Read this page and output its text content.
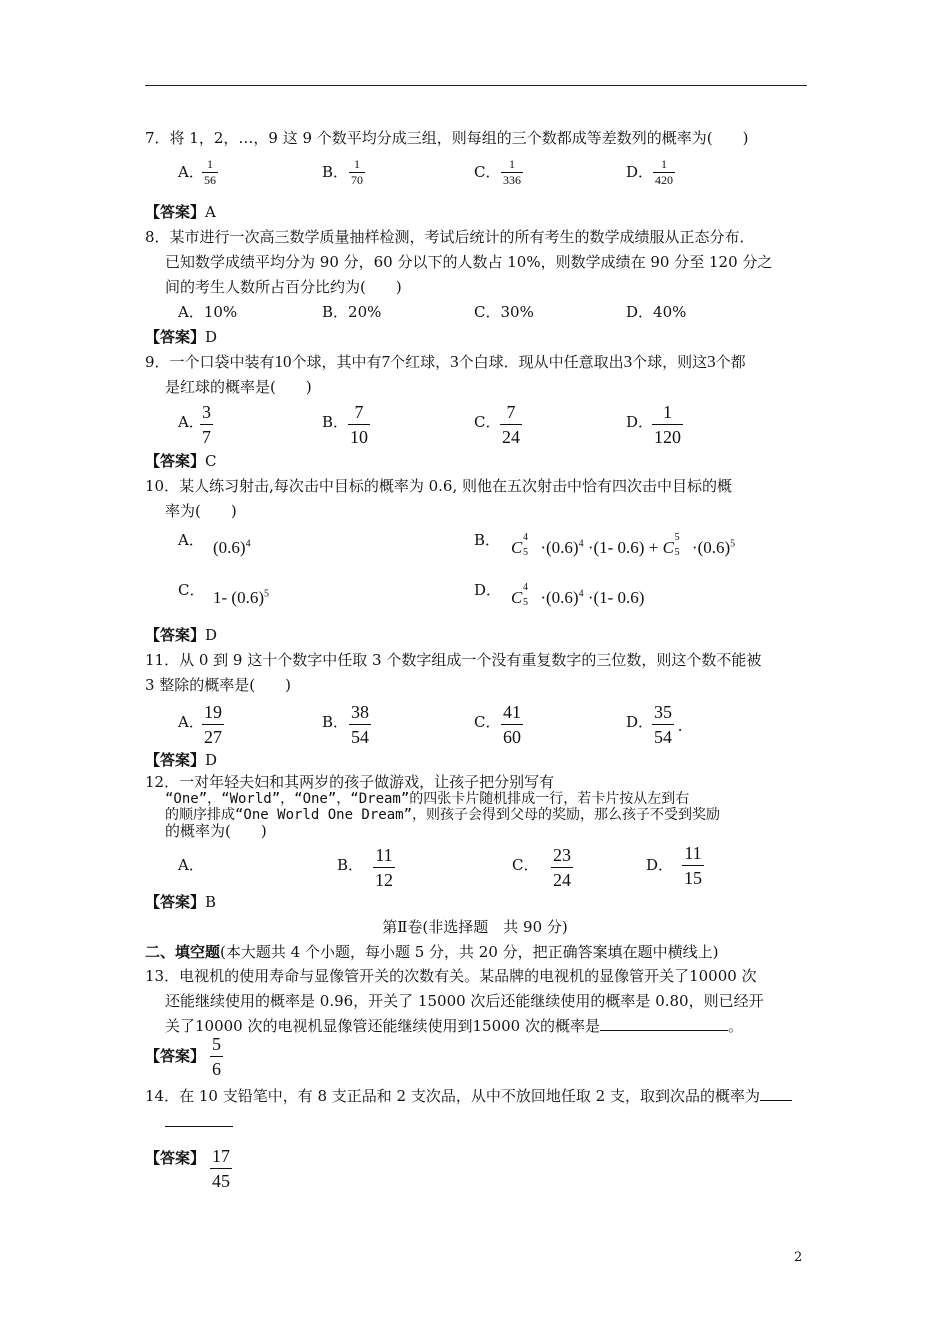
7．将 1，2，…，9 这 9 个数平均分成三组，则每组的三个数都成等差数列的概率为(　　)
A．
$\frac{1}{56}$	B． $\frac{1}{70}$	C． $\frac{1}{336}$	D． $\frac{1}{420}$
【答案】A
8．某市进行一次高三数学质量抽样检测，考试后统计的所有考生的数学成绩服从正态分布．
已知数学成绩平均分为 90 分，60 分以下的人数占 10%，则数学成绩在 90 分至 120 分之
间的考生人数所占百分比约为(　　)
A．10%	B．20%	C．30%	D．40%
【答案】D
9．一个口袋中装有10个球，其中有7个红球，3个白球．现从中任意取出3个球，则这3个都
是红球的概率是(　　)
A．
$\frac{3}{7}$	B． $\frac{7}{10}$	C． $\frac{7}{24}$	D．
$\frac{1}{120}$
【答案】C
10．某人练习射击,每次击中目标的概率为 0.6, 则他在五次射击中恰有四次击中目标的概
率为(　　)
A． $(0.6)^4$	B． C
4
$5 \cdot(0.6)^4 \cdot(1-$ 0.6) + C
5
$5 \cdot(0.6)^5$
C． 1- $(0.6)^5$	D． C
4
$5 \cdot(0.6)^4 \cdot(1-$ 0.6)
【答案】D
11．从 0 到 9 这十个数字中任取 3 个数字组成一个没有重复数字的三位数，则这个数不能被
3 整除的概率是(　　)
A．
$\frac{19}{27}$	B． $\frac{38}{54}$	C． $\frac{41}{60}$	D．
$\frac{35}{54}$ .
【答案】D
12．一对年轻夫妇和其两岁的孩子做游戏，让孩子把分别写有
“One”，“World”，“One”，“Dream”的四张卡片随机排成一行，若卡片按从左到右
的顺序排成“One World One Dream”，则孩子会得到父母的奖励，那么孩子不受到奖励
的概率为(　　)
A．	B． $\frac{11}{12}$	C． $\frac{23}{24}$	D． $\frac{11}{15}$
【答案】B
第Ⅱ卷(非选择题　共 90 分)
二、填空题(本大题共 4 个小题，每小题 5 分，共 20 分，把正确答案填在题中横线上)
13．电视机的使用寿命与显像管开关的次数有关。某品牌的电视机的显像管开关了10000 次
还能继续使用的概率是 0.96，开关了 15000 次后还能继续使用的概率是 0.80，则已经开
关了10000 次的电视机显像管还能继续使用到15000 次的概率是	。
【答案】 $\frac{5}{6}$
14．在 10 支铅笔中，有 8 支正品和 2 支次品，从中不放回地任取 2 支，取到次品的概率为
【答案】 $\frac{17}{45}$
2
